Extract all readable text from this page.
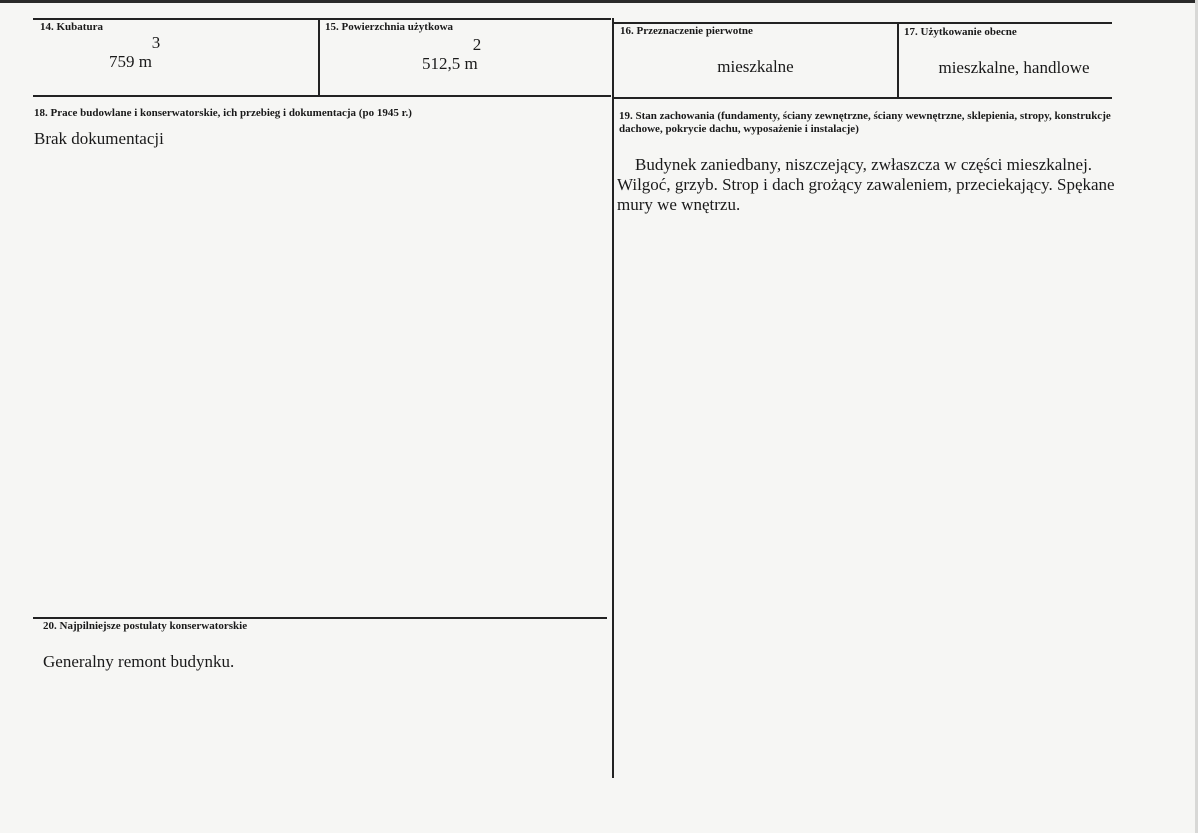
14. Kubatura
3
759 m
15. Powierzchnia użytkowa
2
512,5 m
16. Przeznaczenie pierwotne
mieszkalne
17. Użytkowanie obecne
mieszkalne, handlowe
18. Prace budowlane i konserwatorskie, ich przebieg i dokumentacja (po 1945 r.)
Brak dokumentacji
19. Stan zachowania (fundamenty, ściany zewnętrzne, ściany wewnętrzne, sklepienia, stropy, konstrukcje dachowe, pokrycie dachu, wyposażenie i instalacje)
Budynek zaniedbany, niszczejący, zwłaszcza w części mieszkalnej. Wilgoć, grzyb. Strop i dach grożący zawaleniem, przeciekający. Spękane mury we wnętrzu.
20. Najpilniejsze postulaty konserwatorskie
Generalny remont budynku.
